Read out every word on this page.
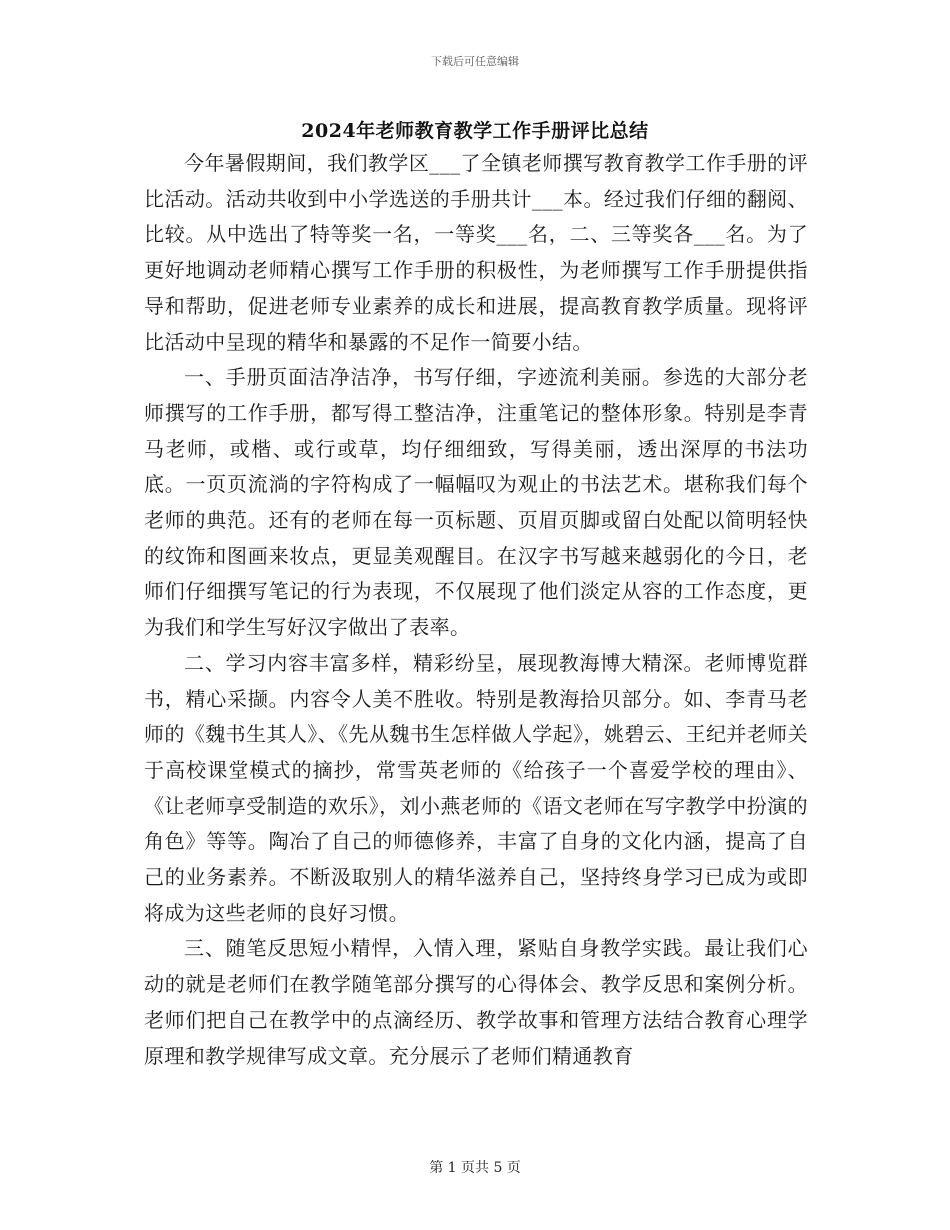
下载后可任意编辑
2024年老师教育教学工作手册评比总结

今年暑假期间，我们教学区___了全镇老师撰写教育教学工作手册的评比活动。活动共收到中小学选送的手册共计___本。经过我们仔细的翻阅、比较。从中选出了特等奖一名，一等奖___名，二、三等奖各___名。为了更好地调动老师精心撰写工作手册的积极性，为老师撰写工作手册提供指导和帮助，促进老师专业素养的成长和进展，提高教育教学质量。现将评比活动中呈现的精华和暴露的不足作一简要小结。

一、手册页面洁净洁净，书写仔细，字迹流利美丽。参选的大部分老师撰写的工作手册，都写得工整洁净，注重笔记的整体形象。特别是李青马老师，或楷、或行或草，均仔细细致，写得美丽，透出深厚的书法功底。一页页流淌的字符构成了一幅幅叹为观止的书法艺术。堪称我们每个老师的典范。还有的老师在每一页标题、页眉页脚或留白处配以简明轻快的纹饰和图画来妆点，更显美观醒目。在汉字书写越来越弱化的今日，老师们仔细撰写笔记的行为表现，不仅展现了他们淡定从容的工作态度，更为我们和学生写好汉字做出了表率。

二、学习内容丰富多样，精彩纷呈，展现教海博大精深。老师博览群书，精心采撷。内容令人美不胜收。特别是教海拾贝部分。如、李青马老师的《魏书生其人》、《先从魏书生怎样做人学起》，姚碧云、王纪并老师关于高校课堂模式的摘抄，常雪英老师的《给孩子一个喜爱学校的理由》、《让老师享受制造的欢乐》，刘小燕老师的《语文老师在写字教学中扮演的角色》等等。陶冶了自己的师德修养，丰富了自身的文化内涵，提高了自己的业务素养。不断汲取别人的精华滋养自己，坚持终身学习已成为或即将成为这些老师的良好习惯。

三、随笔反思短小精悍，入情入理，紧贴自身教学实践。最让我们心动的就是老师们在教学随笔部分撰写的心得体会、教学反思和案例分析。老师们把自己在教学中的点滴经历、教学故事和管理方法结合教育心理学原理和教学规律写成文章。充分展示了老师们精通教育

第 1 页共 5 页
